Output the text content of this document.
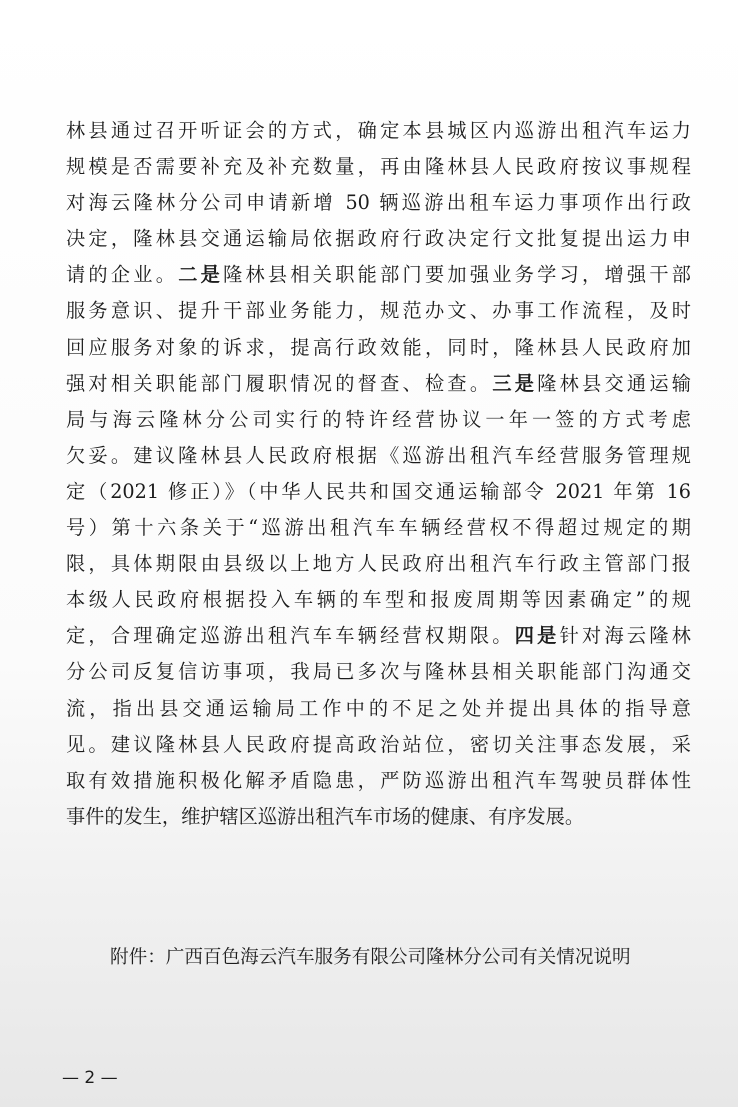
林县通过召开听证会的方式，确定本县城区内巡游出租汽车运力
规模是否需要补充及补充数量，再由隆林县人民政府按议事规程
对海云隆林分公司申请新增 50 辆巡游出租车运力事项作出行政
决定，隆林县交通运输局依据政府行政决定行文批复提出运力申
请的企业。二是隆林县相关职能部门要加强业务学习，增强干部
服务意识、提升干部业务能力，规范办文、办事工作流程，及时
回应服务对象的诉求，提高行政效能，同时，隆林县人民政府加
强对相关职能部门履职情况的督查、检查。三是隆林县交通运输
局与海云隆林分公司实行的特许经营协议一年一签的方式考虑
欠妥。建议隆林县人民政府根据《巡游出租汽车经营服务管理规
定（2021 修正）》（中华人民共和国交通运输部令 2021 年第 16
号）第十六条关于“巡游出租汽车车辆经营权不得超过规定的期
限，具体期限由县级以上地方人民政府出租汽车行政主管部门报
本级人民政府根据投入车辆的车型和报废周期等因素确定”的规
定，合理确定巡游出租汽车车辆经营权期限。四是针对海云隆林
分公司反复信访事项，我局已多次与隆林县相关职能部门沟通交
流，指出县交通运输局工作中的不足之处并提出具体的指导意
见。建议隆林县人民政府提高政治站位，密切关注事态发展，采
取有效措施积极化解矛盾隐患，严防巡游出租汽车驾驶员群体性
事件的发生，维护辖区巡游出租汽车市场的健康、有序发展。
附件：广西百色海云汽车服务有限公司隆林分公司有关情况说明
— 2 —
